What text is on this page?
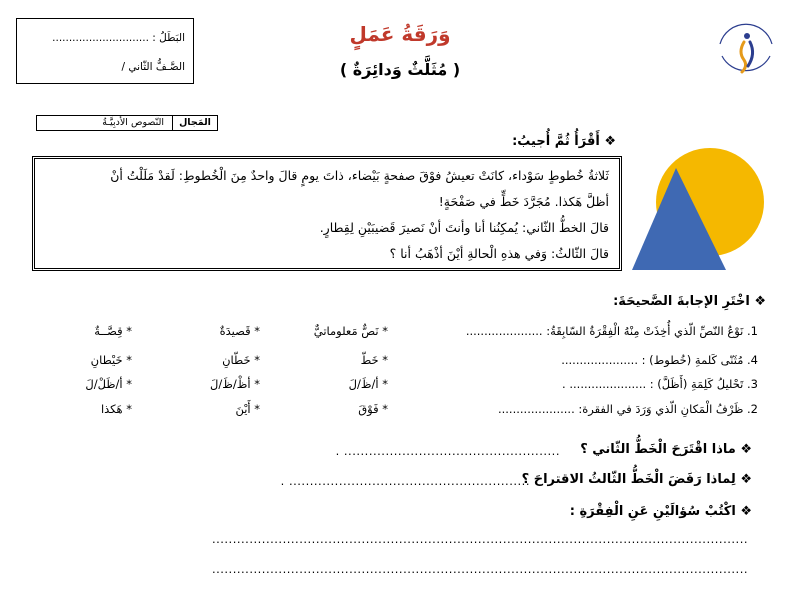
البَطَلُ : .............................
الصَّـفُّ الثّاني /
وَرَقَةُ عَمَلٍ
( مُثَلَّثٌ وَدائِرَةٌ )
المَجال
النّصوص الأدبِيَّـةُ
❖ أَقْرَأُ ثُمَّ أُجيبُ:
ثَلاثةُ خُطوطٍ سَوْداء، كانَتْ تعيشُ فوْقَ صفحةٍ بَيْضاء، ذاتَ يومٍ قالَ واحدٌ مِنَ الْخُطوطِ: لَقدْ مَلَلْتُ أنْ
أظلَّ هَكذا. مُجَرَّدَ خَطٍّ في صَفْحَةٍ!
قالَ الخطُّ الثّاني: يُمكِنُنا أنا وأنتَ أنْ نَصيرَ قَضيبَيْنِ لِقِطارٍ.
قالَ الثّالثُ: وَفي هذهِ الْحالةِ أيْنَ أذْهَبُ أنا ؟
❖ اخْتَرِ الإجابةَ الصَّحيحَةَ:
1. نَوْعُ النّصِّ الّذي أُخِذَتْ مِنْهُ الْفِقْرَةُ السّابِقَةُ: .....................
* نَصٌّ مَعلوماتيٌّ
* قَصيدَةٌ
* قِصَّــةٌ
4. مُثَنّى كَلمةِ (خُطوط) : .....................
* خَطّ
* خَطّانِ
* خَيْطانِ
3. تَحْليلُ كَلِمَةِ (أَظَلَّ) : ..................... .
* أ/ظَ/لَ
* أظْ/ظَ/لَ
* أ/ظَلْ/لَ
2. ظَرْفُ الْمَكانِ الّذي وَرَدَ في الفقرة: .....................
* فَوْقَ
* أَيْنَ
* هَكذا
❖ ماذا اقْتَرَحَ الْخَطُّ الثّاني ؟
.................................................... .
❖ لِماذا رَفَضَ الْخَطُّ الثّالثُ الاقتراحَ ؟
.......................................................... .
❖ اكْتُبْ سُؤالَيْنِ عَنِ الْفِقْرَةِ :
.................................................................................................................................
.................................................................................................................................
